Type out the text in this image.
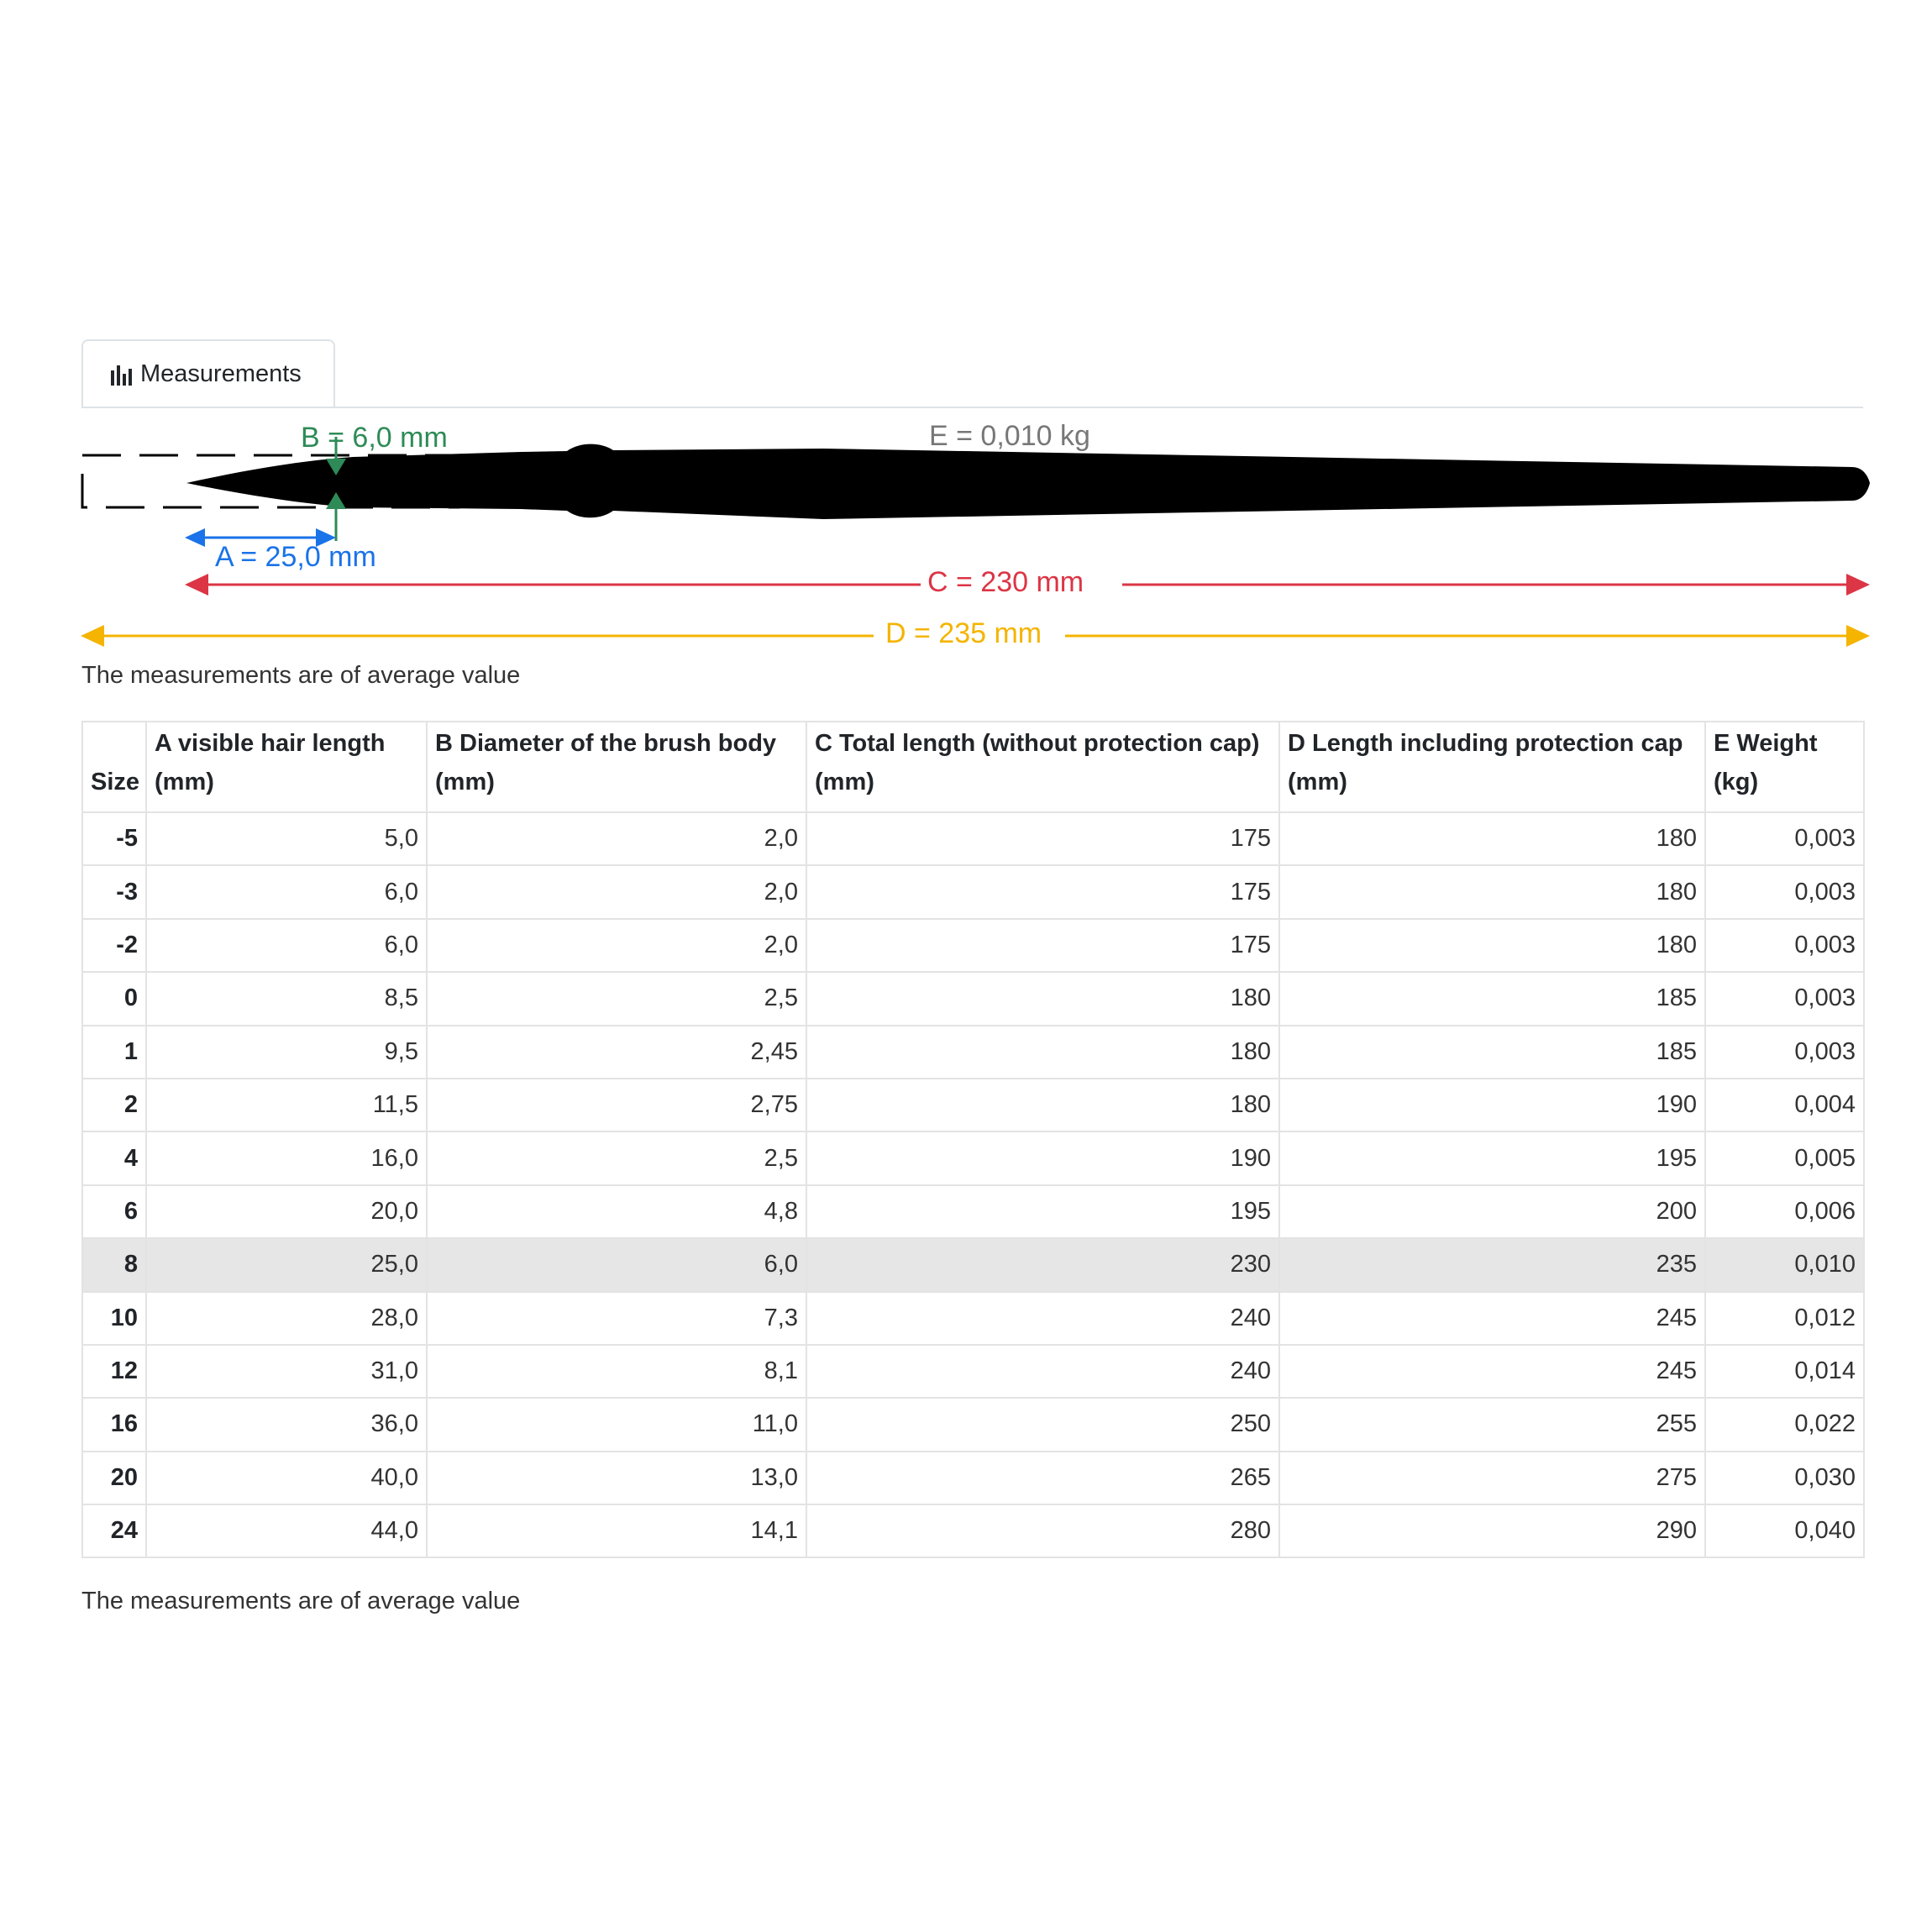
Measurements
B = 6,0 mm	E = 0,010 kg
A = 25,0 mm
C = 230 mm
D = 235 mm
The measurements are of average value
Size	A visible hair length (mm)	B Diameter of the brush body (mm)	C Total length (without protection cap) (mm)	D Length including protection cap (mm)	E Weight (kg)
-5	5,0	2,0	175	180	0,003
-3	6,0	2,0	175	180	0,003
-2	6,0	2,0	175	180	0,003
0	8,5	2,5	180	185	0,003
1	9,5	2,45	180	185	0,003
2	11,5	2,75	180	190	0,004
4	16,0	2,5	190	195	0,005
6	20,0	4,8	195	200	0,006
8	25,0	6,0	230	235	0,010
10	28,0	7,3	240	245	0,012
12	31,0	8,1	240	245	0,014
16	36,0	11,0	250	255	0,022
20	40,0	13,0	265	275	0,030
24	44,0	14,1	280	290	0,040
The measurements are of average value
